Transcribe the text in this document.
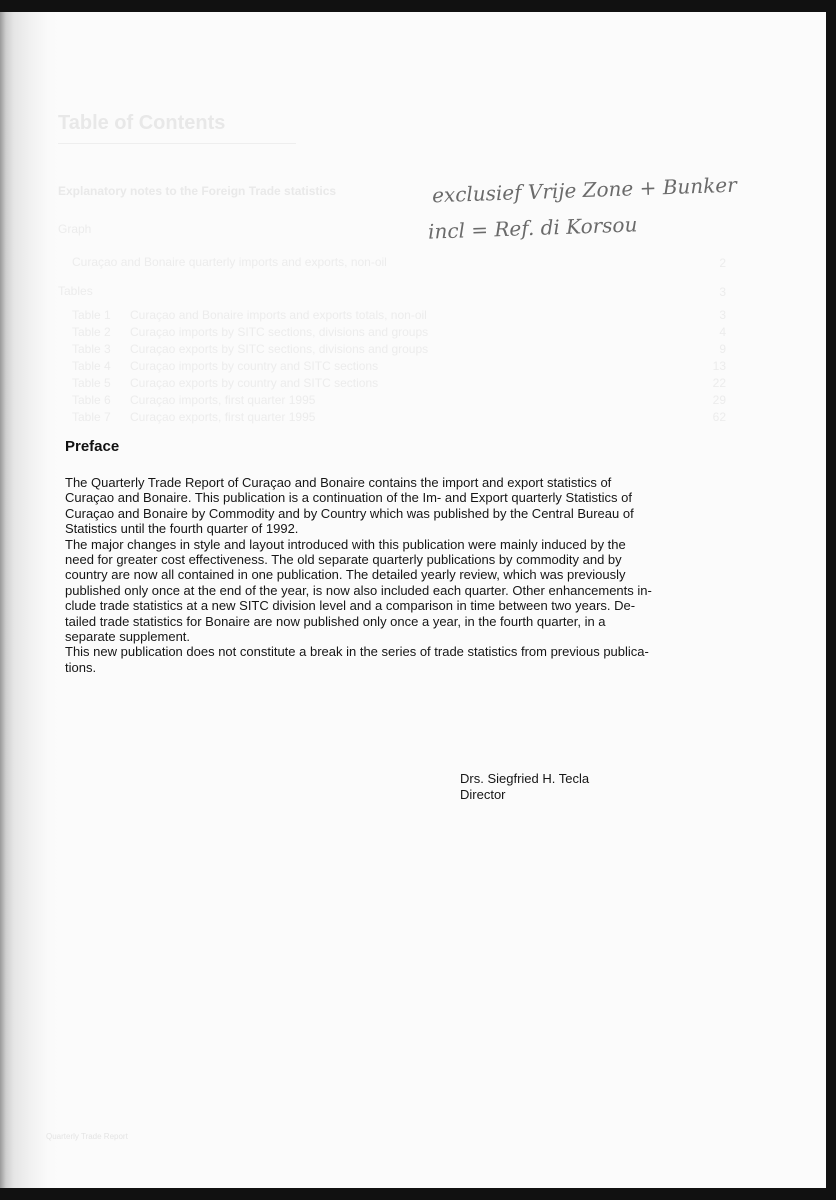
Table of Contents
Explanatory notes to the Foreign Trade statistics
Graph
Curaçao and Bonaire quarterly imports and exports, non-oil	2
Tables	3
Table 1 Curaçao and Bonaire imports and exports totals, non-oil	3
Table 2 Curaçao imports by SITC sections, divisions and groups	4
Table 3 Curaçao exports by SITC sections, divisions and groups	9
Table 4 Curaçao imports by country and SITC sections	13
Table 5 Curaçao exports by country and SITC sections	22
Table 6 Curaçao imports, first quarter 1995	29
Table 7 Curaçao exports, first quarter 1995	62
exclusief Vrije Zone + Bunker
incl = Ref. di Korsou
Preface
The Quarterly Trade Report of Curaçao and Bonaire contains the import and export statistics of
Curaçao and Bonaire. This publication is a continuation of the Im- and Export quarterly Statistics of
Curaçao and Bonaire by Commodity and by Country which was published by the Central Bureau of
Statistics until the fourth quarter of 1992.
The major changes in style and layout introduced with this publication were mainly induced by the
need for greater cost effectiveness. The old separate quarterly publications by commodity and by
country are now all contained in one publication. The detailed yearly review, which was previously
published only once at the end of the year, is now also included each quarter. Other enhancements in-
clude trade statistics at a new SITC division level and a comparison in time between two years. De-
tailed trade statistics for Bonaire are now published only once a year, in the fourth quarter, in a
separate supplement.
This new publication does not constitute a break in the series of trade statistics from previous publica-
tions.
Drs. Siegfried H. Tecla
Director
Quarterly Trade Report
